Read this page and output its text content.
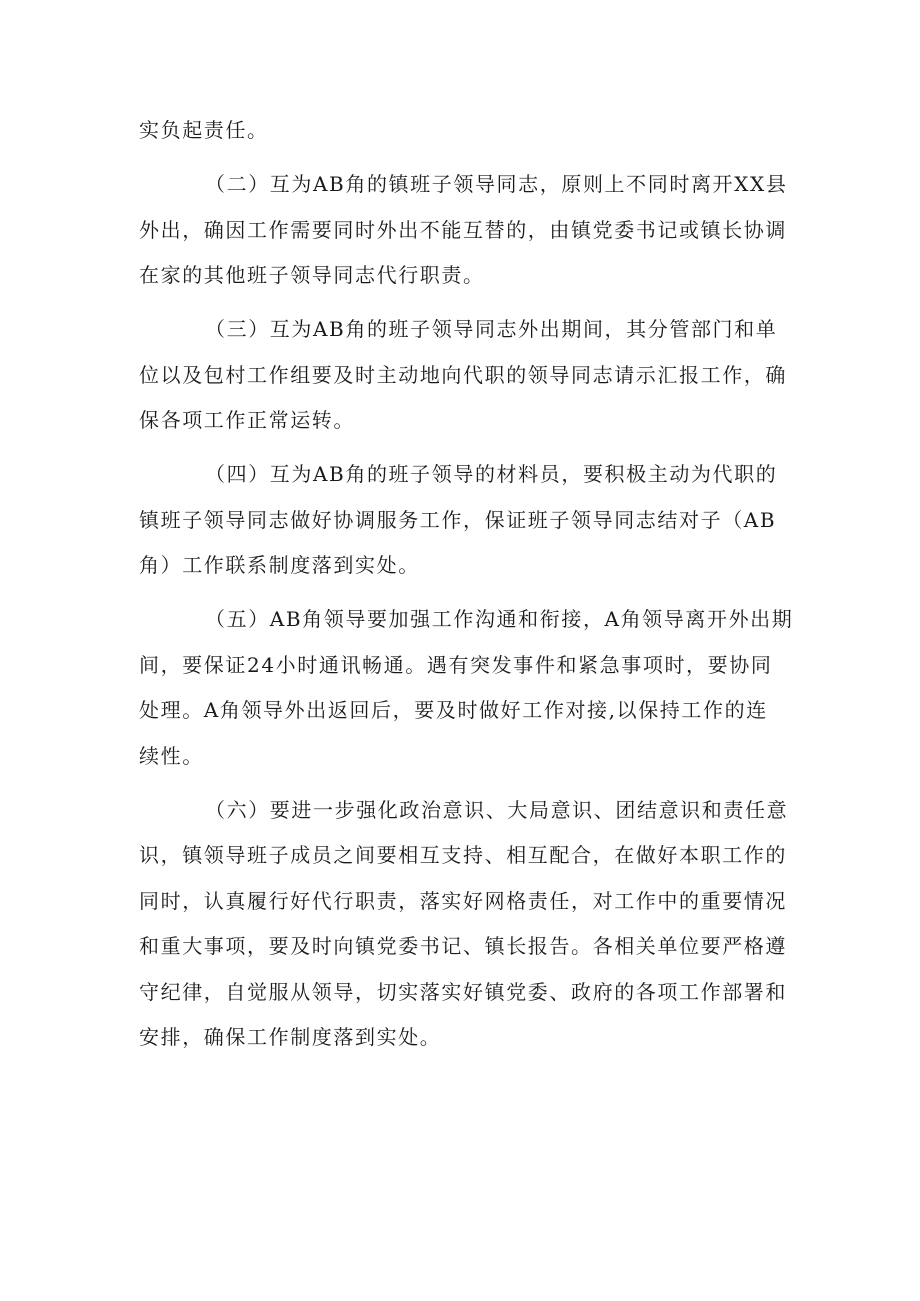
实负起责任。

（二）互为AB角的镇班子领导同志，原则上不同时离开XX县
外出，确因工作需要同时外出不能互替的，由镇党委书记或镇长协调
在家的其他班子领导同志代行职责。

（三）互为AB角的班子领导同志外出期间，其分管部门和单
位以及包村工作组要及时主动地向代职的领导同志请示汇报工作，确
保各项工作正常运转。

（四）互为AB角的班子领导的材料员，要积极主动为代职的
镇班子领导同志做好协调服务工作，保证班子领导同志结对子（AB
角）工作联系制度落到实处。

（五）AB角领导要加强工作沟通和衔接，A角领导离开外出期
间，要保证24小时通讯畅通。遇有突发事件和紧急事项时，要协同
处理。A角领导外出返回后，要及时做好工作对接,以保持工作的连
续性。

（六）要进一步强化政治意识、大局意识、团结意识和责任意
识，镇领导班子成员之间要相互支持、相互配合，在做好本职工作的
同时，认真履行好代行职责，落实好网格责任，对工作中的重要情况
和重大事项，要及时向镇党委书记、镇长报告。各相关单位要严格遵
守纪律，自觉服从领导，切实落实好镇党委、政府的各项工作部署和
安排，确保工作制度落到实处。
